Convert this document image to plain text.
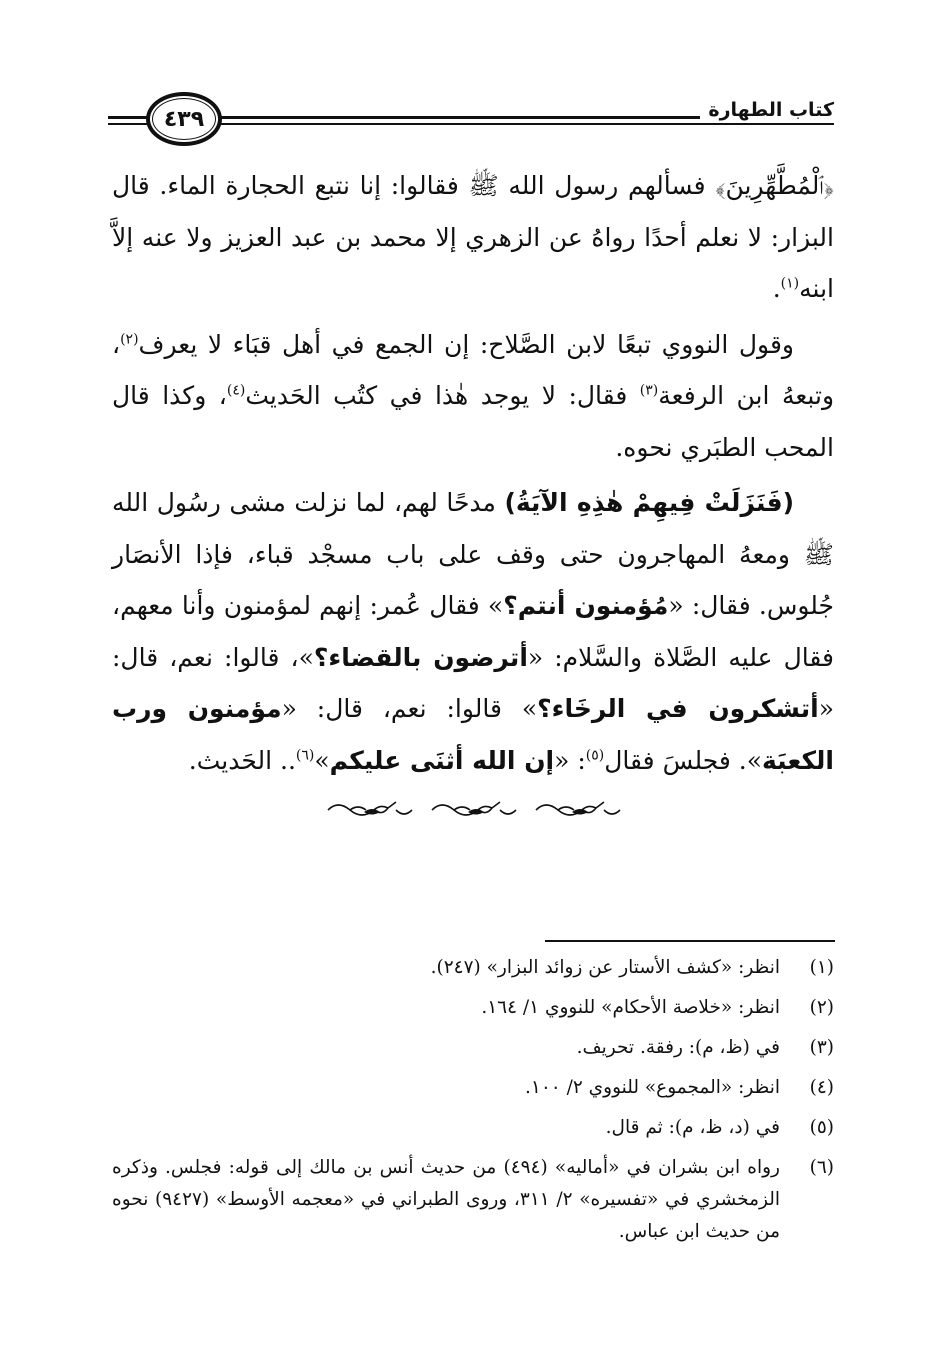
كتاب الطهارة
٤٣٩

﴿ٱلْمُطَّهِّرِينَ﴾ فسألهم رسول الله ﷺ فقالوا: إنا نتبع الحجارة الماء. قال البزار: لا نعلم أحدًا رواهُ عن الزهري إلا محمد بن عبد العزيز ولا عنه إلاَّ ابنه$^{(١)}$.

وقول النووي تبعًا لابن الصَّلاح: إن الجمع في أهل قبَاء لا يعرف$^{(٢)}$، وتبعهُ ابن الرفعة$^{(٣)}$ فقال: لا يوجد هٰذا في كتُب الحَديث$^{(٤)}$، وكذا قال المحب الطبَري نحوه.

(فَنَزَلَتْ فِيهِمْ هٰذِهِ الآيَةُ) مدحًا لهم، لما نزلت مشى رسُول الله ﷺ ومعهُ المهاجرون حتى وقف على باب مسجْد قباء، فإذا الأنصَار جُلوس. فقال: «مُؤمنون أنتم؟» فقال عُمر: إنهم لمؤمنون وأنا معهم، فقال عليه الصَّلاة والسَّلام: «أترضون بالقضاء؟»، قالوا: نعم، قال: «أتشكرون في الرخَاء؟» قالوا: نعم، قال: «مؤمنون ورب الكعبَة». فجلسَ فقال$^{(٥)}$: «إن الله أثنَى عليكم»$^{(٦)}$.. الحَديث.

(١)
انظر: «كشف الأستار عن زوائد البزار» (٢٤٧).
(٢)
انظر: «خلاصة الأحكام» للنووي ١/ ١٦٤.
(٣)
في (ظ، م): رفقة. تحريف.
(٤)
انظر: «المجموع» للنووي ٢/ ١٠٠.
(٥)
في (د، ظ، م): ثم قال.
(٦)
رواه ابن بشران في «أماليه» (٤٩٤) من حديث أنس بن مالك إلى قوله: فجلس. وذكره الزمخشري في «تفسيره» ٢/ ٣١١، وروى الطبراني في «معجمه الأوسط» (٩٤٢٧) نحوه من حديث ابن عباس.
